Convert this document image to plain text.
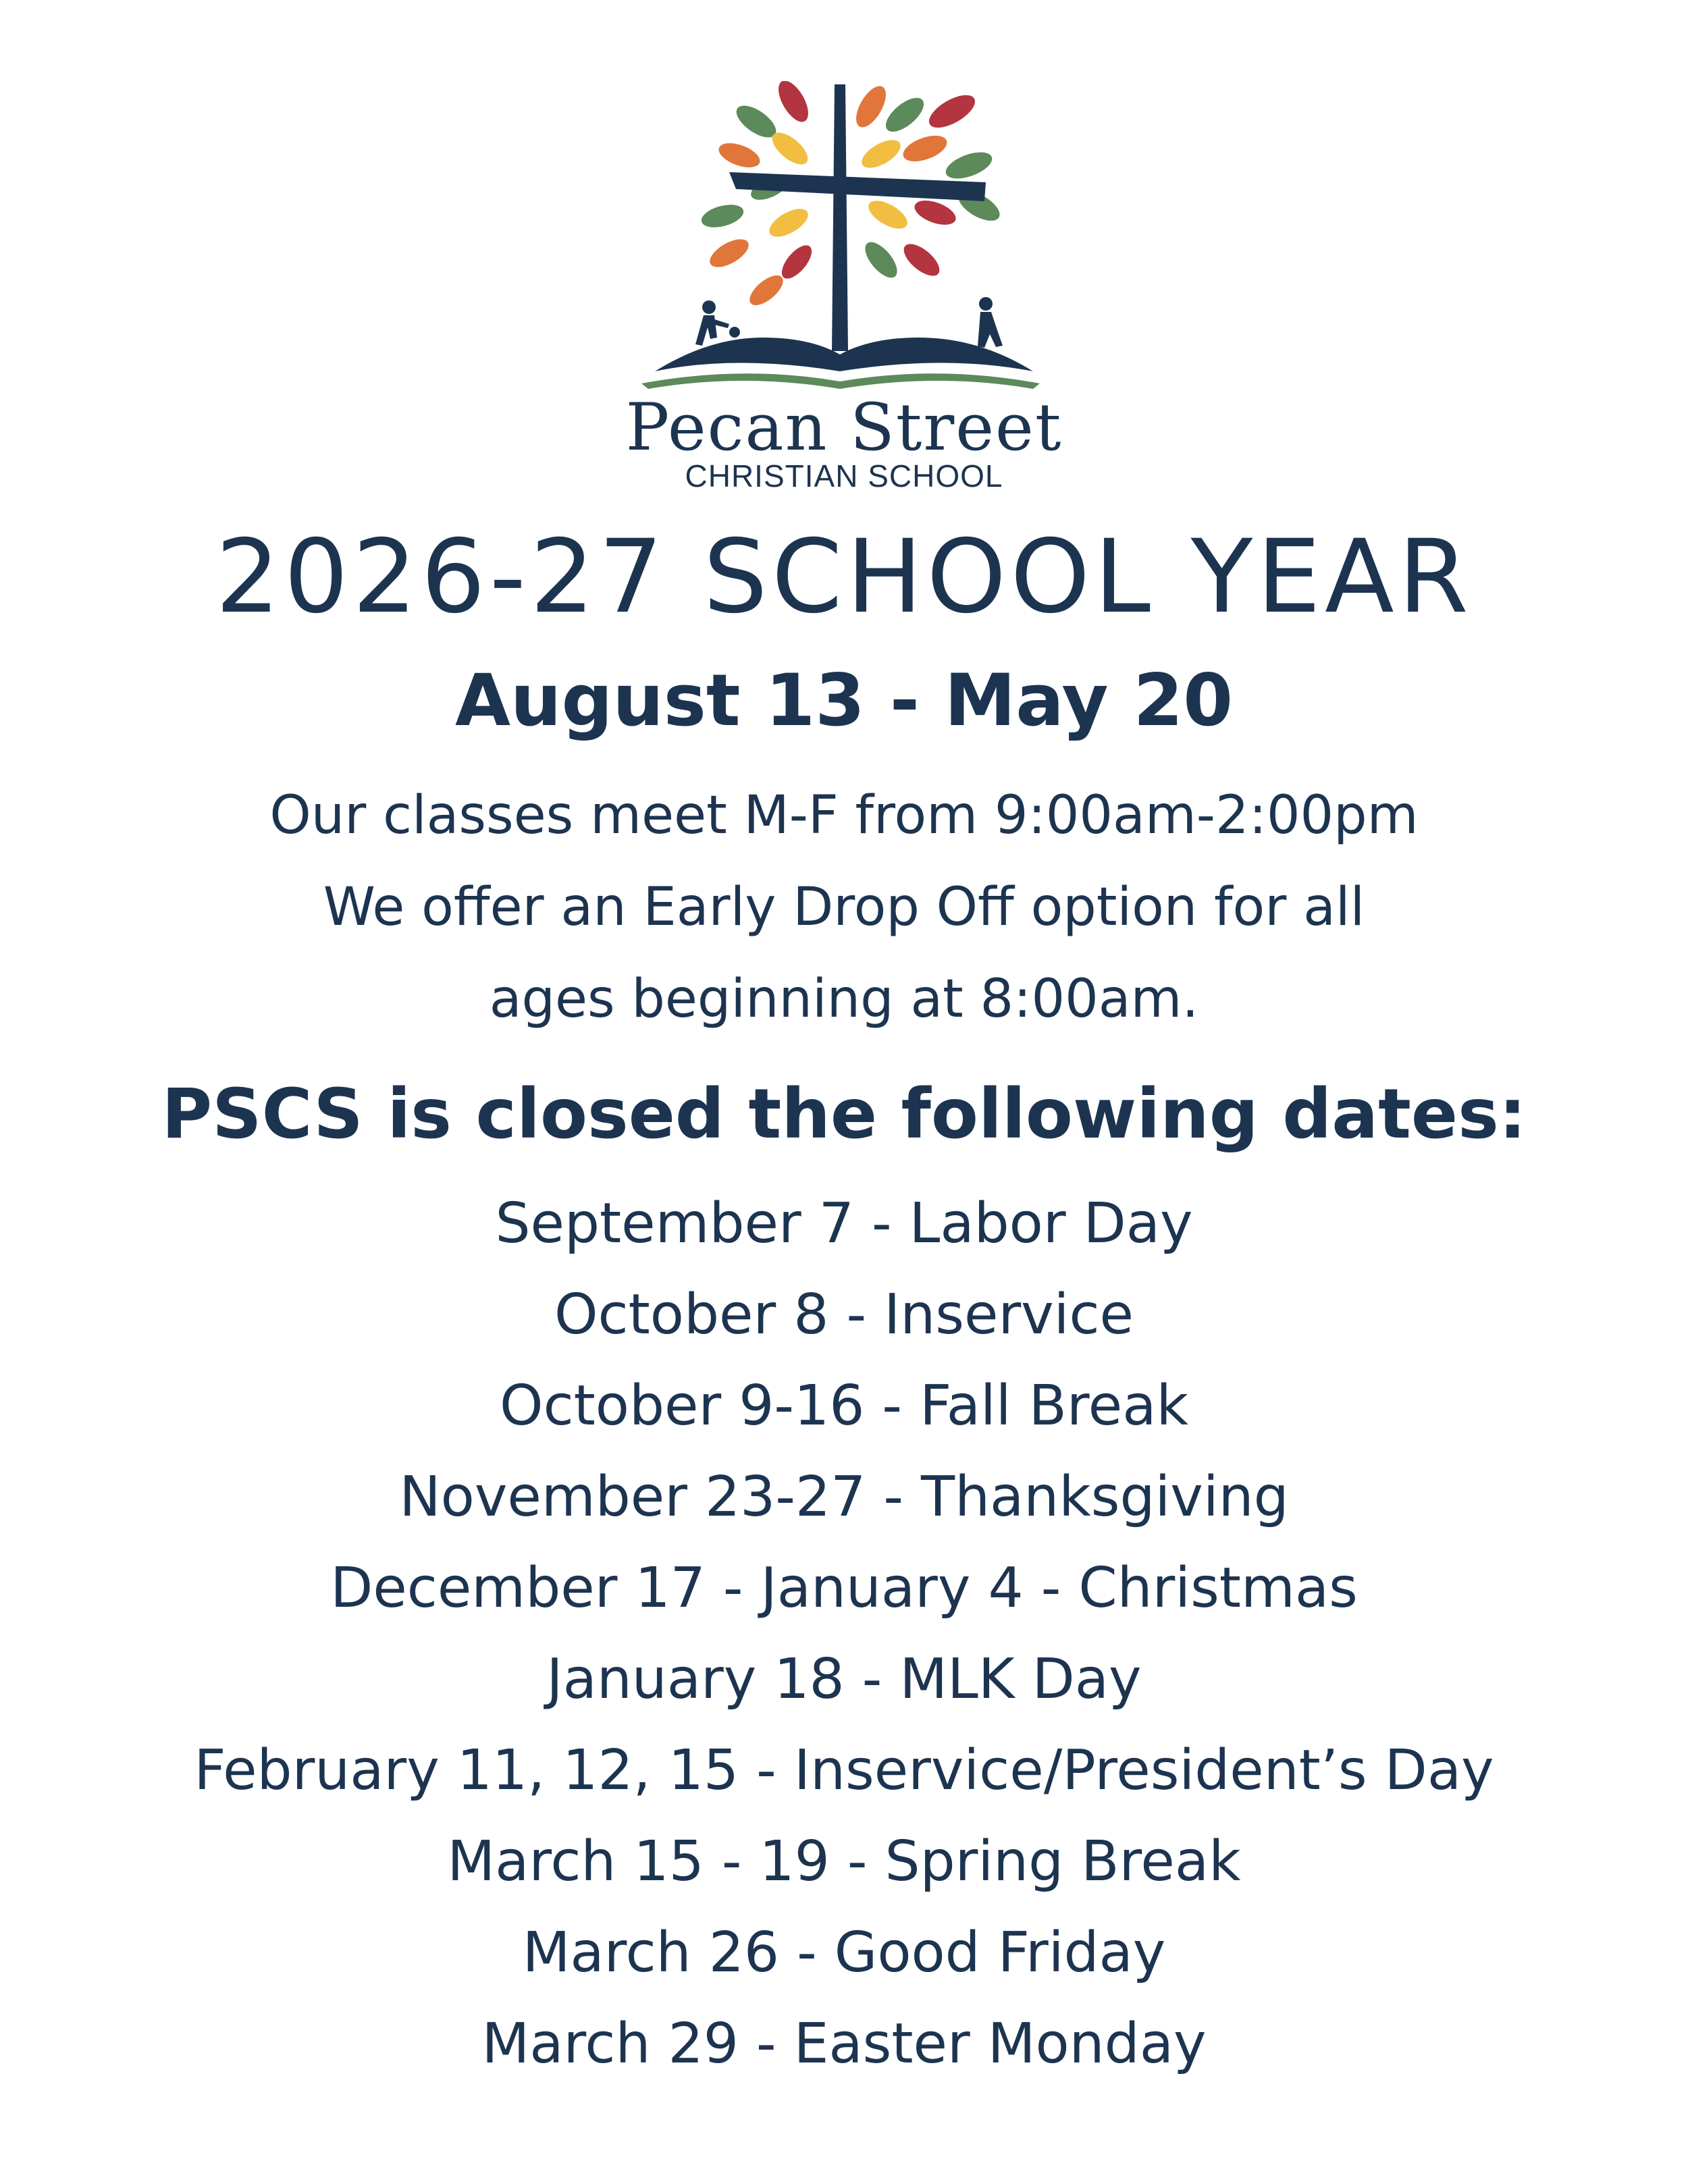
Pecan Street
CHRISTIAN SCHOOL
2026-27 SCHOOL YEAR
August 13 - May 20
Our classes meet M-F from 9:00am-2:00pm
We offer an Early Drop Off option for all
ages beginning at 8:00am.
PSCS is closed the following dates:
September 7 - Labor Day
October 8 - Inservice
October 9-16 - Fall Break
November 23-27 - Thanksgiving
December 17 - January 4 - Christmas
January 18 - MLK Day
February 11, 12, 15 - Inservice/President’s Day
March 15 - 19 - Spring Break
March 26 - Good Friday
March 29 - Easter Monday
